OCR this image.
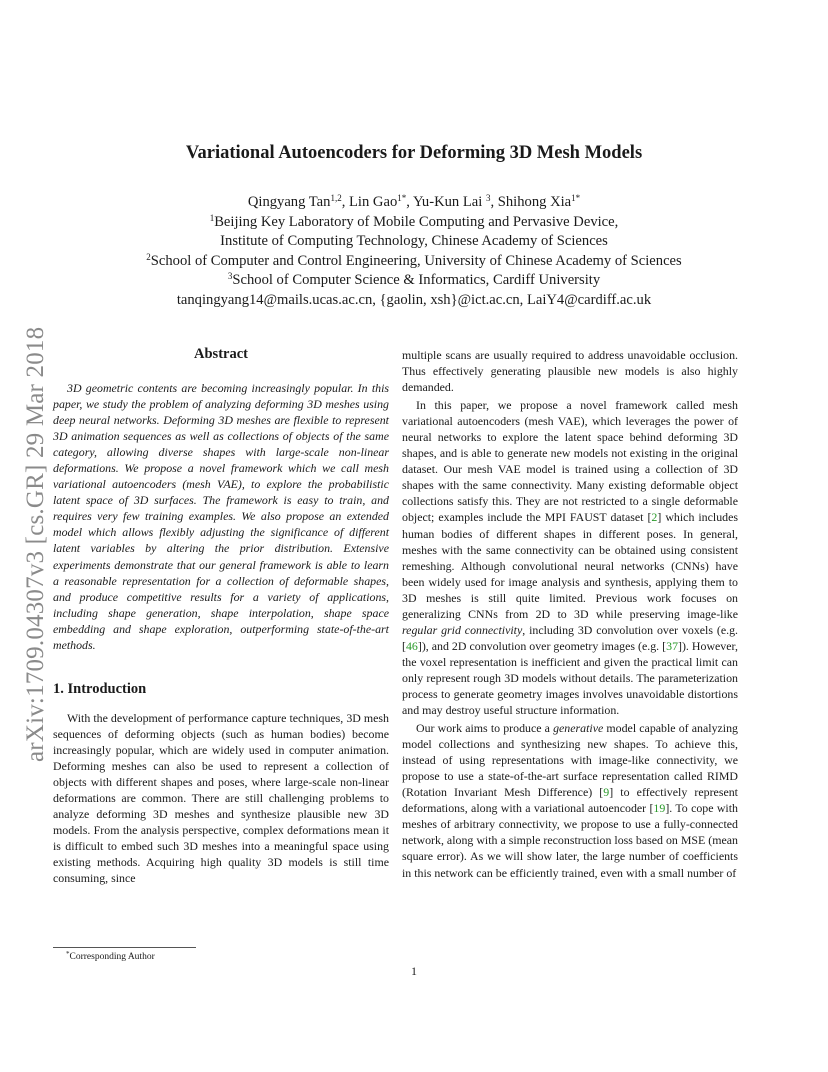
arXiv:1709.04307v3 [cs.GR] 29 Mar 2018
Variational Autoencoders for Deforming 3D Mesh Models
Qingyang Tan$^{1,2}$, Lin Gao$^{1*}$, Yu-Kun Lai $^3$, Shihong Xia$^{1*}$
$^1$Beijing Key Laboratory of Mobile Computing and Pervasive Device,
Institute of Computing Technology, Chinese Academy of Sciences
$^2$School of Computer and Control Engineering, University of Chinese Academy of Sciences
$^3$School of Computer Science & Informatics, Cardiff University
tanqingyang14@mails.ucas.ac.cn, {gaolin, xsh}@ict.ac.cn, LaiY4@cardiff.ac.uk
Abstract

3D geometric contents are becoming increasingly popular. In this paper, we study the problem of analyzing deforming 3D meshes using deep neural networks. Deforming 3D meshes are flexible to represent 3D animation sequences as well as collections of objects of the same category, allowing diverse shapes with large-scale non-linear deformations. We propose a novel framework which we call mesh variational autoencoders (mesh VAE), to explore the probabilistic latent space of 3D surfaces. The framework is easy to train, and requires very few training examples. We also propose an extended model which allows flexibly adjusting the significance of different latent variables by altering the prior distribution. Extensive experiments demonstrate that our general framework is able to learn a reasonable representation for a collection of deformable shapes, and produce competitive results for a variety of applications, including shape generation, shape interpolation, shape space embedding and shape exploration, outperforming state-of-the-art methods.

1. Introduction

With the development of performance capture techniques, 3D mesh sequences of deforming objects (such as human bodies) become increasingly popular, which are widely used in computer animation. Deforming meshes can also be used to represent a collection of objects with different shapes and poses, where large-scale non-linear deformations are common. There are still challenging problems to analyze deforming 3D meshes and synthesize plausible new 3D models. From the analysis perspective, complex deformations mean it is difficult to embed such 3D meshes into a meaningful space using existing methods. Acquiring high quality 3D models is still time consuming, since

multiple scans are usually required to address unavoidable occlusion. Thus effectively generating plausible new models is also highly demanded.

In this paper, we propose a novel framework called mesh variational autoencoders (mesh VAE), which leverages the power of neural networks to explore the latent space behind deforming 3D shapes, and is able to generate new models not existing in the original dataset. Our mesh VAE model is trained using a collection of 3D shapes with the same connectivity. Many existing deformable object collections satisfy this. They are not restricted to a single deformable object; examples include the MPI FAUST dataset [2] which includes human bodies of different shapes in different poses. In general, meshes with the same connectivity can be obtained using consistent remeshing. Although convolutional neural networks (CNNs) have been widely used for image analysis and synthesis, applying them to 3D meshes is still quite limited. Previous work focuses on generalizing CNNs from 2D to 3D while preserving image-like regular grid connectivity, including 3D convolution over voxels (e.g. [46]), and 2D convolution over geometry images (e.g. [37]). However, the voxel representation is inefficient and given the practical limit can only represent rough 3D models without details. The parameterization process to generate geometry images involves unavoidable distortions and may destroy useful structure information.

Our work aims to produce a generative model capable of analyzing model collections and synthesizing new shapes. To achieve this, instead of using representations with image-like connectivity, we propose to use a state-of-the-art surface representation called RIMD (Rotation Invariant Mesh Difference) [9] to effectively represent deformations, along with a variational autoencoder [19]. To cope with meshes of arbitrary connectivity, we propose to use a fully-connected network, along with a simple reconstruction loss based on MSE (mean square error). As we will show later, the large number of coefficients in this network can be efficiently trained, even with a small number of

*Corresponding Author
1
